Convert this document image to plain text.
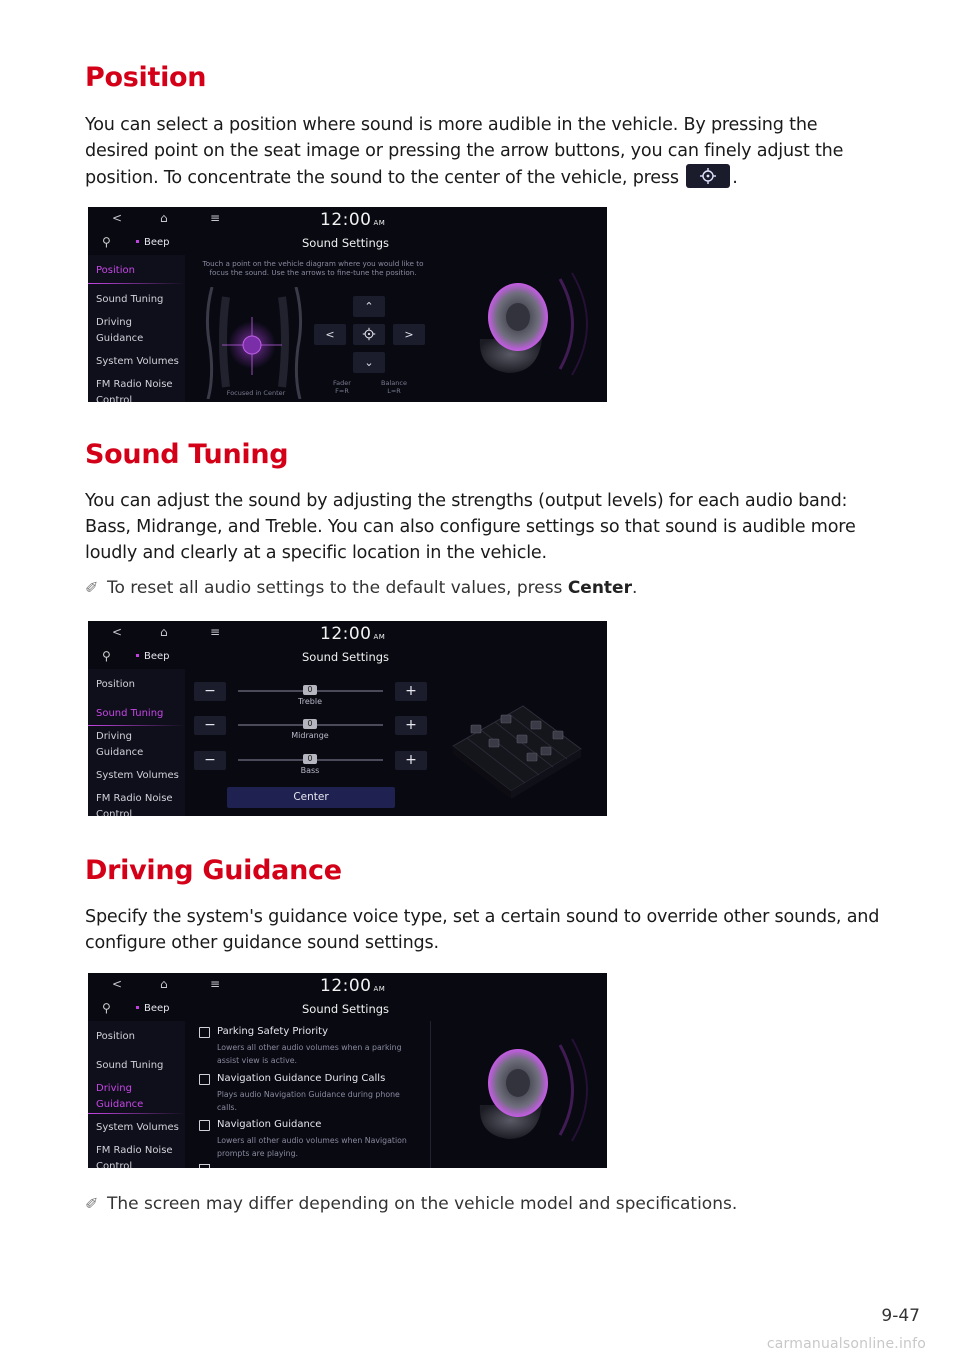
Position
You can select a position where sound is more audible in the vehicle. By pressing the desired point on the seat image or pressing the arrow buttons, you can finely adjust the position. To concentrate the sound to the center of the vehicle, press	.
<	⌂	≡	12:00 AM
⚲	Beep	Sound Settings
Position
Sound Tuning
Driving
Guidance
System Volumes
FM Radio Noise
Control
Touch a point on the vehicle diagram where you would like to focus the sound. Use the arrows to fine-tune the position.
Focused in Center
⌃
<	>
⌄
Fader
F=R
Balance
L=R
Sound Tuning
You can adjust the sound by adjusting the strengths (output levels) for each audio band: Bass, Midrange, and Treble. You can also configure settings so that sound is audible more loudly and clearly at a specific location in the vehicle.
✐ To reset all audio settings to the default values, press Center.
<	⌂	≡	12:00 AM
⚲	Beep	Sound Settings
Position
Sound Tuning
Driving
Guidance
System Volumes
FM Radio Noise
Control
−	0
Treble
+
−	0
Midrange
+
−	0
Bass
+
Center
Driving Guidance
Specify the system's guidance voice type, set a certain sound to override other sounds, and configure other guidance sound settings.
<	⌂	≡	12:00 AM
⚲	Beep	Sound Settings
Position
Sound Tuning
Driving
Guidance
System Volumes
FM Radio Noise
Control
Parking Safety Priority
Lowers all other audio volumes when a parking assist view is active.
Navigation Guidance During Calls
Plays audio Navigation Guidance during phone calls.
Navigation Guidance
Lowers all other audio volumes when Navigation prompts are playing.
✐ The screen may differ depending on the vehicle model and specifications.
9-47
carmanualsonline.info
